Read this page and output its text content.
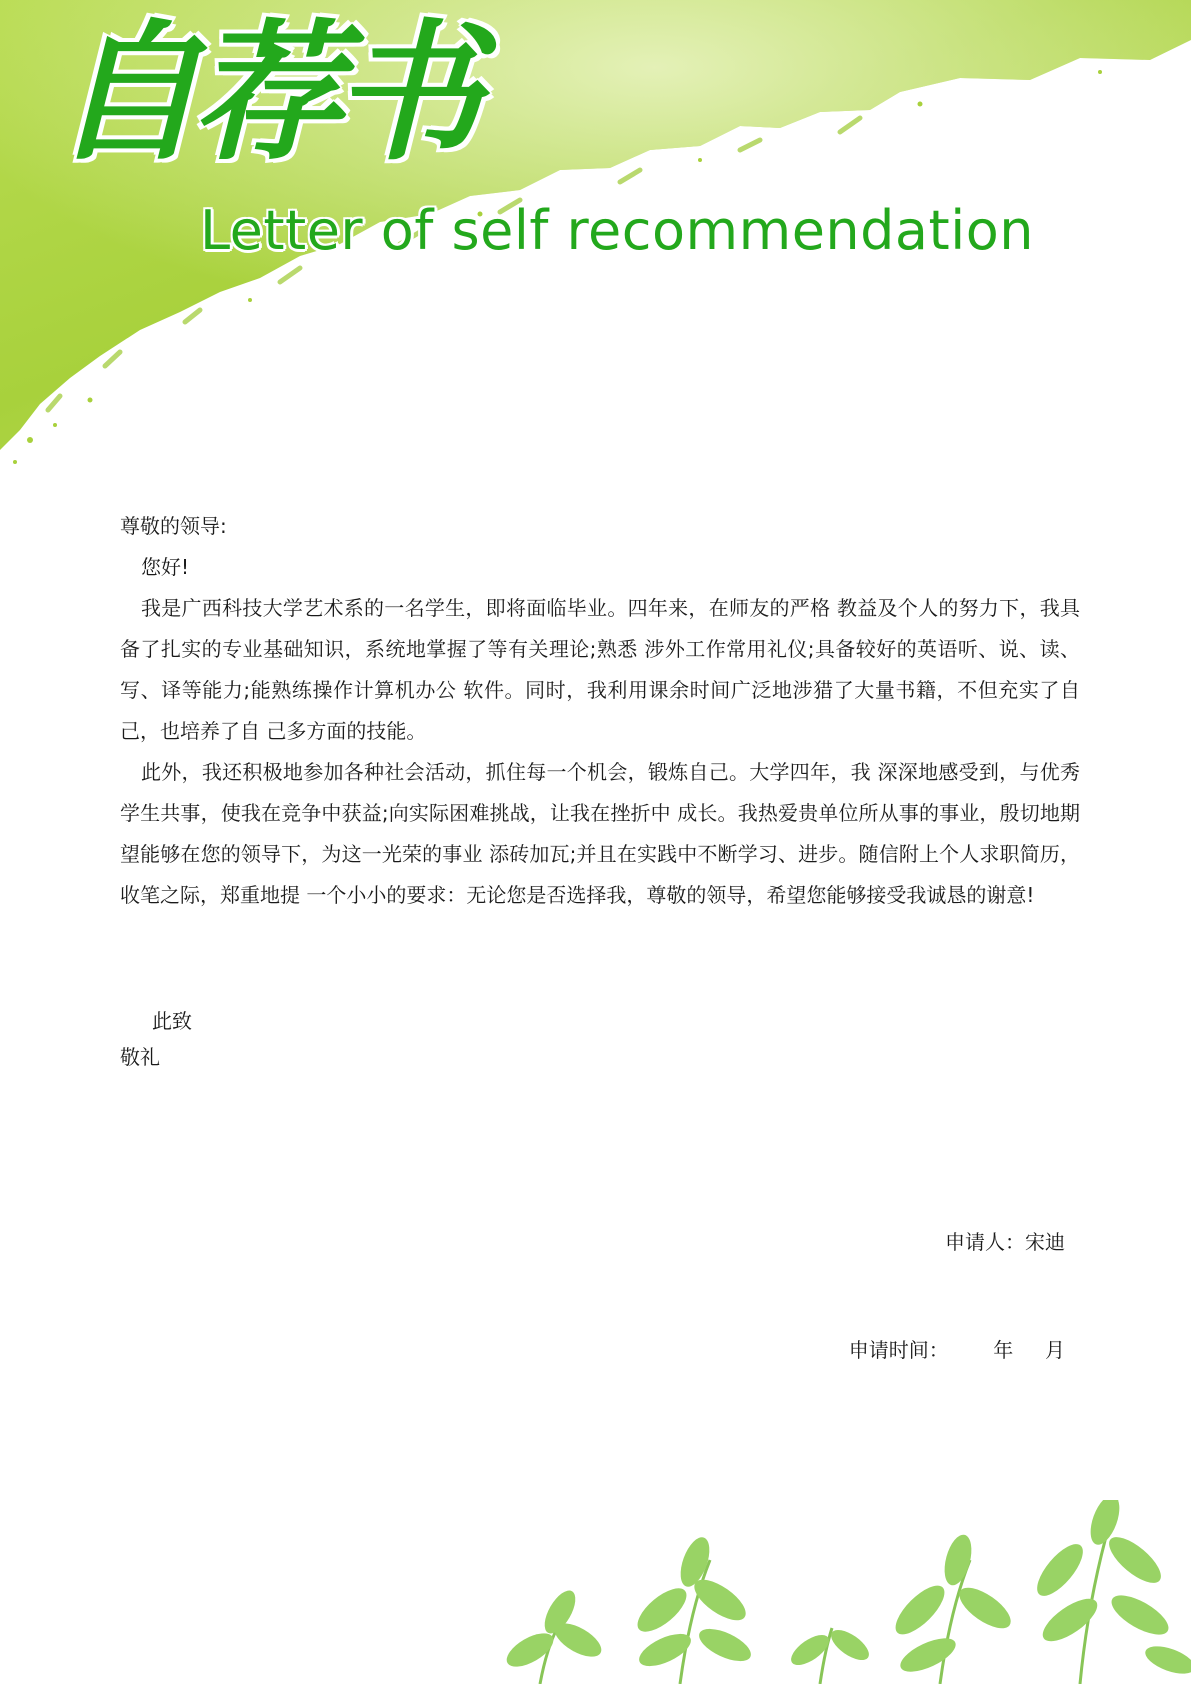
自荐书
Letter of self recommendation

尊敬的领导:

您好!

我是广西科技大学艺术系的一名学生，即将面临毕业。四年来，在师友的严格 教益及个人的努力下，我具备了扎实的专业基础知识，系统地掌握了等有关理论;熟悉 涉外工作常用礼仪;具备较好的英语听、说、读、写、译等能力;能熟练操作计算机办公 软件。同时，我利用课余时间广泛地涉猎了大量书籍，不但充实了自己，也培养了自 己多方面的技能。

此外，我还积极地参加各种社会活动，抓住每一个机会，锻炼自己。大学四年，我 深深地感受到，与优秀学生共事，使我在竞争中获益;向实际困难挑战，让我在挫折中 成长。我热爱贵单位所从事的事业，殷切地期望能够在您的领导下，为这一光荣的事业 添砖加瓦;并且在实践中不断学习、进步。随信附上个人求职简历，收笔之际，郑重地提 一个小小的要求：无论您是否选择我，尊敬的领导，希望您能够接受我诚恳的谢意!

此致
敬礼

申请人：宋迪

申请时间：       年     月
